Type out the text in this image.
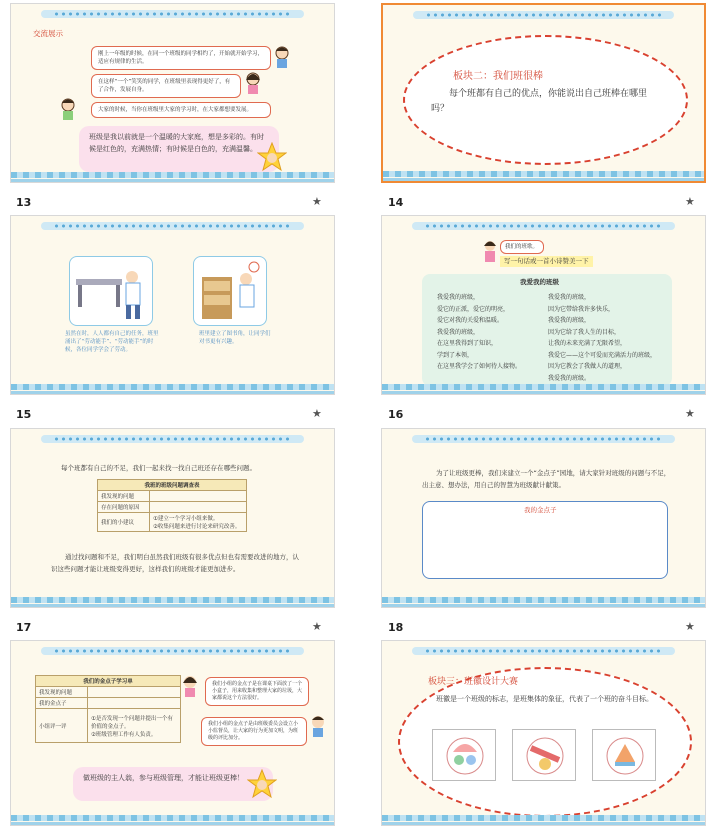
交流展示
刚上一年级的时候，在同一个班级的同学相约了，开始就开始学习，适应有规律的生活。
在这样“一个”笑笑的同学，在班级里表现得更好了，有了合作，发展自身。
大家的时候，当你在班级里大家的学习时，在大家都想要发展。
班级是我以前就是一个温暖的大家庭，想是多彩的。有时候是红色的，充满热情；有时候是白色的，充满温馨。
13	★
板块二：我们班很棒
每个班都有自己的优点，你能说出自己班棒在哪里吗？
14	★
虽然在时，人人都有自己的任务，班里涌出了“劳动能手”、“劳动能手”的时候，各位同学学会了劳动。
班里建立了图书角，让同学们对书更有兴趣。
15	★
我们的班歌。
写一句话或一首小诗赞美一下
我爱我的班级
我爱我的班级，
爱它的正派，爱它的明亮，
爱它对我的关爱和温暖。
我爱我的班级，
在这里我得到了知识，
学到了本领，
在这里我学会了如何待人接物。
我爱我的班级，
因为它带给我许多快乐，
我爱我的班级，
因为它给了我人生的目标，
让我的未来充满了无限希望，
我爱它——这个可爱而充满活力的班级，
因为它教会了我做人的道理，
我爱我的班级。
16	★
每个班都有自己的不足，我们一起来找一找自己班还存在哪些问题。
我班的班级问题调查表	
我发现的问题	
存在问题的原因	
我们的小建议	①建立一个学习小组来做。
②收集问题来进行讨论来研究改善。
通过找问题和不足，我们明白虽然我们班级有很多优点但也有需要改进的地方，认识这些问题才能让班级变得更好，这样我们的班级才能更加进步。
17	★
为了让班级更棒，我们来建立一个“金点子”园地，请大家针对班级的问题与不足，出主意、想办法，用自己的智慧为班级献计献策。
我的金点子
18	★
我们的金点子学习单	
我发现的问题	
我的金点子	
小组评一评	①是否发现一个问题并提出一个有价值的金点子。
②班级管理工作有人负责。
我们小组的金点子是在课桌下面放了一个小盒子，用来收集和整理大家的垃圾，大家都说这个方法很好。
我们小组的金点子是由班级委员会设立小小监督员，让大家的行为更加文明，为班级的评比加分。
做班级的主人翁，参与班级管理，才能让班级更棒！
板块三：班徽设计大赛
班徽是一个班级的标志，是班集体的象征，代表了一个班的奋斗目标。
